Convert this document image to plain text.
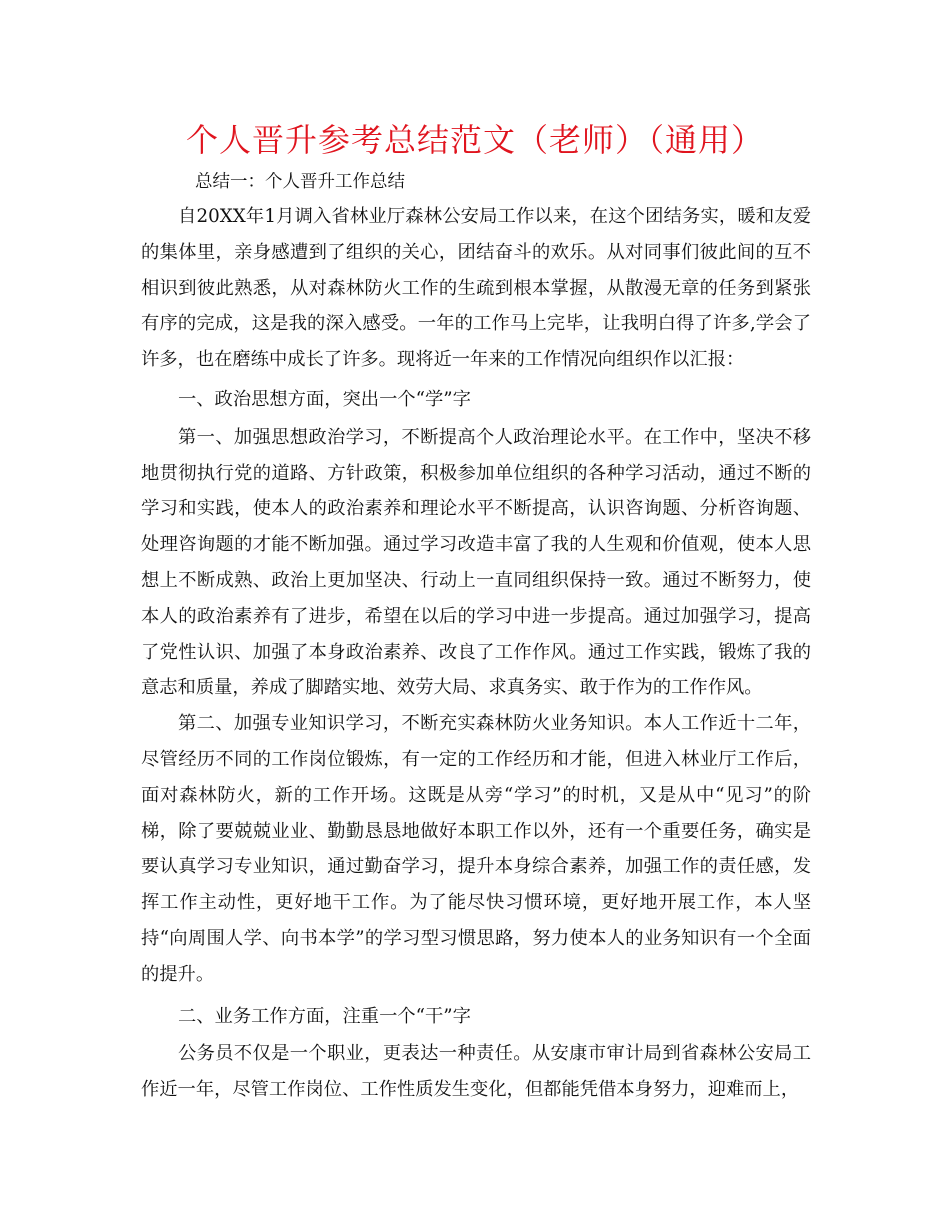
个人晋升参考总结范文（老师）（通用）
总结一：个人晋升工作总结

自20XX年1月调入省林业厅森林公安局工作以来，在这个团结务实，暖和友爱的集体里，亲身感遭到了组织的关心，团结奋斗的欢乐。从对同事们彼此间的互不相识到彼此熟悉，从对森林防火工作的生疏到根本掌握，从散漫无章的任务到紧张有序的完成，这是我的深入感受。一年的工作马上完毕，让我明白得了许多,学会了许多，也在磨练中成长了许多。现将近一年来的工作情况向组织作以汇报：

一、政治思想方面，突出一个“学”字

第一、加强思想政治学习，不断提高个人政治理论水平。在工作中，坚决不移地贯彻执行党的道路、方针政策，积极参加单位组织的各种学习活动，通过不断的学习和实践，使本人的政治素养和理论水平不断提高，认识咨询题、分析咨询题、处理咨询题的才能不断加强。通过学习改造丰富了我的人生观和价值观，使本人思想上不断成熟、政治上更加坚决、行动上一直同组织保持一致。通过不断努力，使本人的政治素养有了进步，希望在以后的学习中进一步提高。通过加强学习，提高了党性认识、加强了本身政治素养、改良了工作作风。通过工作实践，锻炼了我的意志和质量，养成了脚踏实地、效劳大局、求真务实、敢于作为的工作作风。

第二、加强专业知识学习，不断充实森林防火业务知识。本人工作近十二年，尽管经历不同的工作岗位锻炼，有一定的工作经历和才能，但进入林业厅工作后，面对森林防火，新的工作开场。这既是从旁“学习”的时机，又是从中“见习”的阶梯，除了要兢兢业业、勤勤恳恳地做好本职工作以外，还有一个重要任务，确实是要认真学习专业知识，通过勤奋学习，提升本身综合素养，加强工作的责任感，发挥工作主动性，更好地干工作。为了能尽快习惯环境，更好地开展工作，本人坚持“向周围人学、向书本学”的学习型习惯思路，努力使本人的业务知识有一个全面的提升。

二、业务工作方面，注重一个“干”字

公务员不仅是一个职业，更表达一种责任。从安康市审计局到省森林公安局工作近一年，尽管工作岗位、工作性质发生变化，但都能凭借本身努力，迎难而上，
